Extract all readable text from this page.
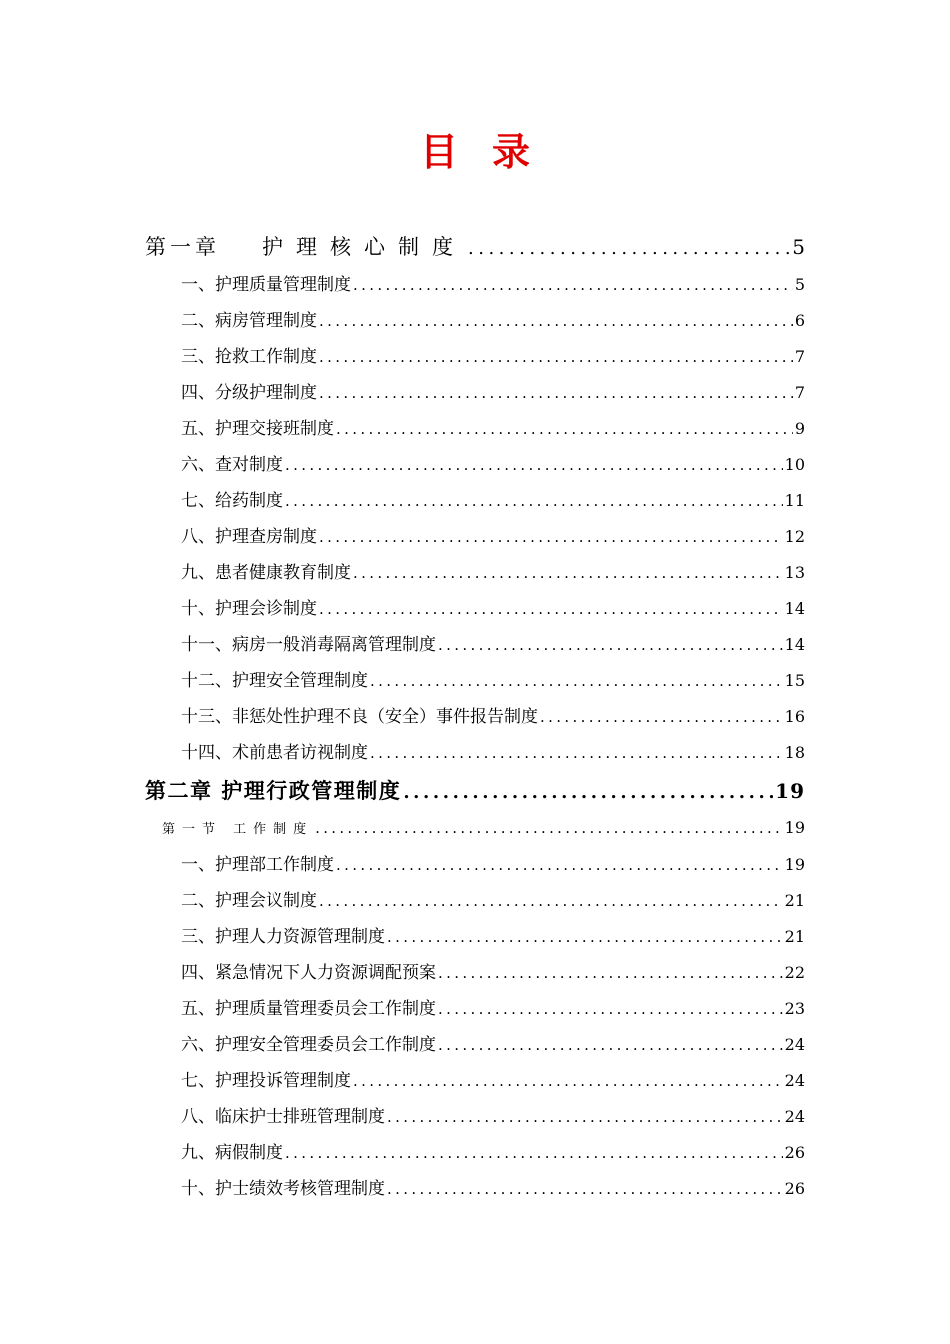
目录
第一章 护理核心制度 .....	5
一、护理质量管理制度 .....	5
二、病房管理制度 .....	6
三、抢救工作制度 .....	7
四、分级护理制度 .....	7
五、护理交接班制度 .....	9
六、查对制度 .....	10
七、给药制度 .....	11
八、护理查房制度 .....	12
九、患者健康教育制度 .....	13
十、护理会诊制度 .....	14
十一、病房一般消毒隔离管理制度 .....	14
十二、护理安全管理制度 .....	15
十三、非惩处性护理不良（安全）事件报告制度 .....	16
十四、术前患者访视制度 .....	18
第二章 护理行政管理制度 .....	19
第一节 工作制度 .....	19
一、护理部工作制度 .....	19
二、护理会议制度 .....	21
三、护理人力资源管理制度 .....	21
四、紧急情况下人力资源调配预案 .....	22
五、护理质量管理委员会工作制度 .....	23
六、护理安全管理委员会工作制度 .....	24
七、护理投诉管理制度 .....	24
八、临床护士排班管理制度 .....	24
九、病假制度 .....	26
十、护士绩效考核管理制度 .....	26
